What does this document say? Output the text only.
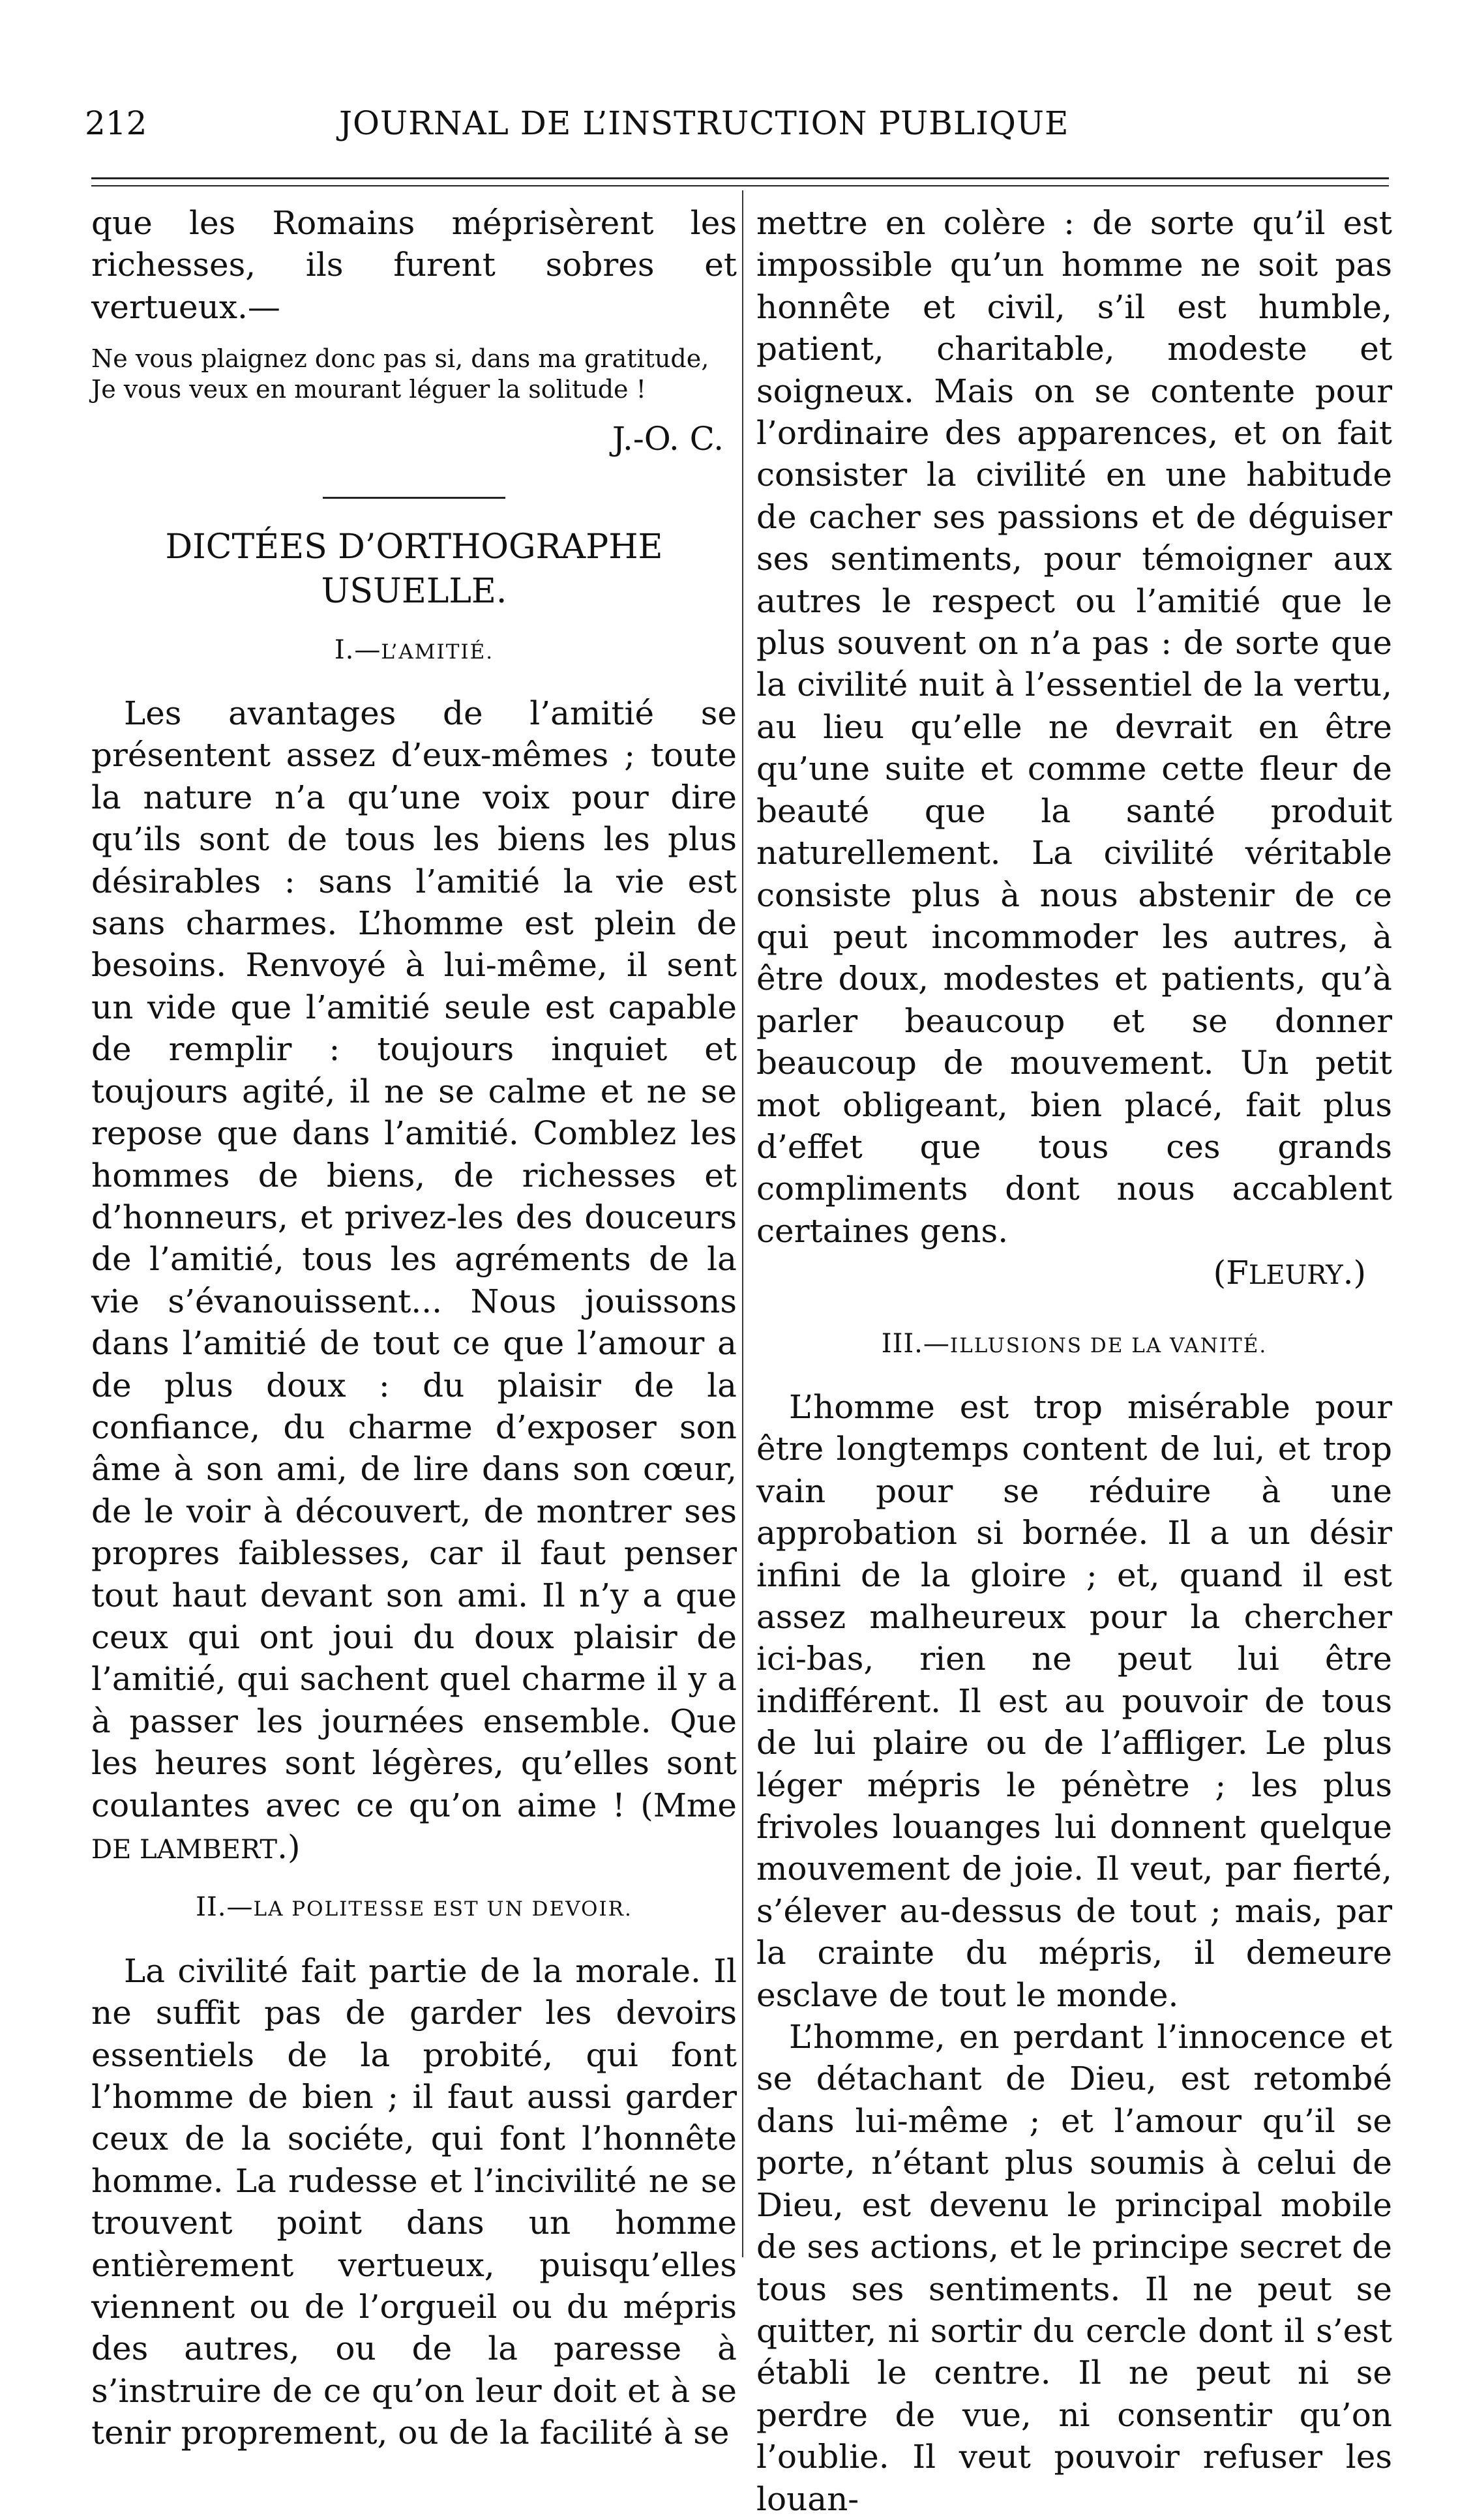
212	JOURNAL DE L’INSTRUCTION PUBLIQUE

que les Romains méprisèrent les richesses, ils furent sobres et vertueux.—

Ne vous plaignez donc pas si, dans ma gratitude,

Je vous veux en mourant léguer la solitude !

J.-O. C.

DICTÉES D’ORTHOGRAPHE

USUELLE.

I.—L’AMITIÉ.

Les avantages de l’amitié se présentent assez d’eux-mêmes ; toute la nature n’a qu’une voix pour dire qu’ils sont de tous les biens les plus désirables : sans l’amitié la vie est sans charmes. L’homme est plein de besoins. Renvoyé à lui-même, il sent un vide que l’amitié seule est capable de remplir : toujours inquiet et toujours agité, il ne se calme et ne se repose que dans l’amitié. Comblez les hommes de biens, de richesses et d’honneurs, et privez-les des douceurs de l’amitié, tous les agréments de la vie s’évanouissent... Nous jouissons dans l’amitié de tout ce que l’amour a de plus doux : du plaisir de la confiance, du charme d’exposer son âme à son ami, de lire dans son cœur, de le voir à découvert, de montrer ses propres faiblesses, car il faut penser tout haut devant son ami. Il n’y a que ceux qui ont joui du doux plaisir de l’amitié, qui sachent quel charme il y a à passer les journées ensemble. Que les heures sont légères, qu’elles sont coulantes avec ce qu’on aime ! (Mme DE LAMBERT.)

II.—LA POLITESSE EST UN DEVOIR.

La civilité fait partie de la morale. Il ne suffit pas de garder les devoirs essentiels de la probité, qui font l’homme de bien ; il faut aussi garder ceux de la sociéte, qui font l’honnête homme. La rudesse et l’incivilité ne se trouvent point dans un homme entièrement vertueux, puisqu’elles viennent ou de l’orgueil ou du mépris des autres, ou de la paresse à s’instruire de ce qu’on leur doit et à se tenir proprement, ou de la facilité à se

mettre en colère : de sorte qu’il est impossible qu’un homme ne soit pas honnête et civil, s’il est humble, patient, charitable, modeste et soigneux. Mais on se contente pour l’ordinaire des apparences, et on fait consister la civilité en une habitude de cacher ses passions et de déguiser ses sentiments, pour témoigner aux autres le respect ou l’amitié que le plus souvent on n’a pas : de sorte que la civilité nuit à l’essentiel de la vertu, au lieu qu’elle ne devrait en être qu’une suite et comme cette fleur de beauté que la santé produit naturellement. La civilité véritable consiste plus à nous abstenir de ce qui peut incommoder les autres, à être doux, modestes et patients, qu’à parler beaucoup et se donner beaucoup de mouvement. Un petit mot obligeant, bien placé, fait plus d’effet que tous ces grands compliments dont nous accablent certaines gens.

(FLEURY.)

III.—ILLUSIONS DE LA VANITÉ.

L’homme est trop misérable pour être longtemps content de lui, et trop vain pour se réduire à une approbation si bornée. Il a un désir infini de la gloire ; et, quand il est assez malheureux pour la chercher ici-bas, rien ne peut lui être indifférent. Il est au pouvoir de tous de lui plaire ou de l’affliger. Le plus léger mépris le pénètre ; les plus frivoles louanges lui donnent quelque mouvement de joie. Il veut, par fierté, s’élever au-dessus de tout ; mais, par la crainte du mépris, il demeure esclave de tout le monde.

L’homme, en perdant l’innocence et se détachant de Dieu, est retombé dans lui-même ; et l’amour qu’il se porte, n’étant plus soumis à celui de Dieu, est devenu le principal mobile de ses actions, et le principe secret de tous ses sentiments. Il ne peut se quitter, ni sortir du cercle dont il s’est établi le centre. Il ne peut ni se perdre de vue, ni consentir qu’on l’oublie. Il veut pouvoir refuser les louan-
